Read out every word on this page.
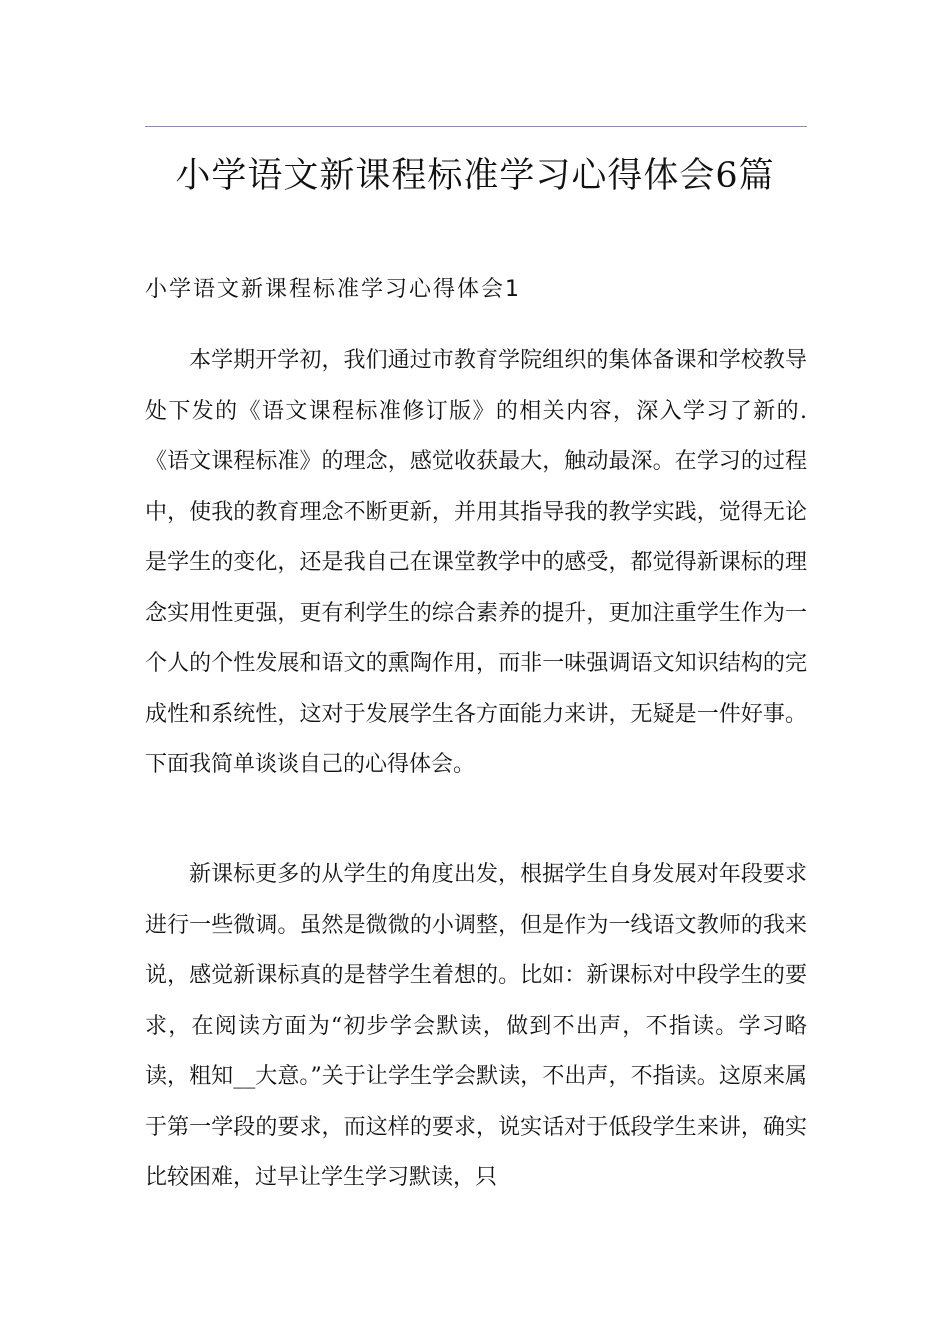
小学语文新课程标准学习心得体会6篇
小学语文新课程标准学习心得体会1

本学期开学初，我们通过市教育学院组织的集体备课和学校教导处下发的《语文课程标准修订版》的相关内容，深入学习了新的.《语文课程标准》的理念，感觉收获最大，触动最深。在学习的过程中，使我的教育理念不断更新，并用其指导我的教学实践，觉得无论是学生的变化，还是我自己在课堂教学中的感受，都觉得新课标的理念实用性更强，更有利学生的综合素养的提升，更加注重学生作为一个人的个性发展和语文的熏陶作用，而非一味强调语文知识结构的完成性和系统性，这对于发展学生各方面能力来讲，无疑是一件好事。下面我简单谈谈自己的心得体会。

新课标更多的从学生的角度出发，根据学生自身发展对年段要求进行一些微调。虽然是微微的小调整，但是作为一线语文教师的我来说，感觉新课标真的是替学生着想的。比如：新课标对中段学生的要求，在阅读方面为“初步学会默读，做到不出声，不指读。学习略读，粗知__大意。”关于让学生学会默读，不出声，不指读。这原来属于第一学段的要求，而这样的要求，说实话对于低段学生来讲，确实比较困难，过早让学生学习默读，只
